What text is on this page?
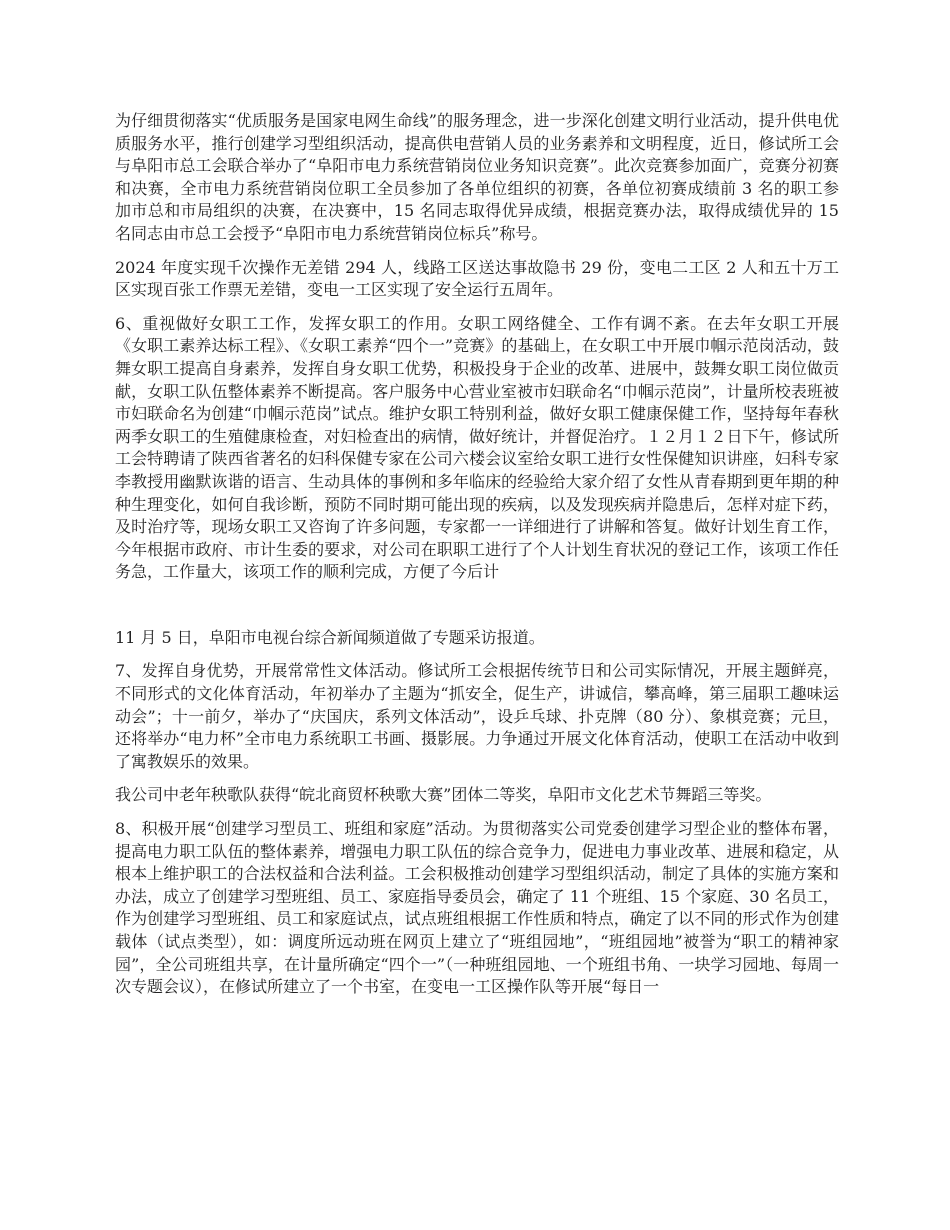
为仔细贯彻落实“优质服务是国家电网生命线”的服务理念，进一步深化创建文明行业活动，提升供电优质服务水平，推行创建学习型组织活动，提高供电营销人员的业务素养和文明程度，近日，修试所工会与阜阳市总工会联合举办了“阜阳市电力系统营销岗位业务知识竞赛”。此次竞赛参加面广，竞赛分初赛和决赛，全市电力系统营销岗位职工全员参加了各单位组织的初赛，各单位初赛成绩前 3 名的职工参加市总和市局组织的决赛，在决赛中，15 名同志取得优异成绩，根据竞赛办法，取得成绩优异的 15 名同志由市总工会授予“阜阳市电力系统营销岗位标兵”称号。

2024 年度实现千次操作无差错 294 人，线路工区送达事故隐书 29 份，变电二工区 2 人和五十万工区实现百张工作票无差错，变电一工区实现了安全运行五周年。

6、重视做好女职工工作，发挥女职工的作用。女职工网络健全、工作有调不紊。在去年女职工开展《女职工素养达标工程》、《女职工素养“四个一”竞赛》的基础上，在女职工中开展巾帼示范岗活动，鼓舞女职工提高自身素养，发挥自身女职工优势，积极投身于企业的改革、进展中，鼓舞女职工岗位做贡献，女职工队伍整体素养不断提高。客户服务中心营业室被市妇联命名“巾帼示范岗”，计量所校表班被市妇联命名为创建“巾帼示范岗”试点。维护女职工特别利益，做好女职工健康保健工作，坚持每年春秋两季女职工的生殖健康检查，对妇检查出的病情，做好统计，并督促治疗。１２月１２日下午，修试所工会特聘请了陕西省著名的妇科保健专家在公司六楼会议室给女职工进行女性保健知识讲座，妇科专家李教授用幽默诙谐的语言、生动具体的事例和多年临床的经验给大家介绍了女性从青春期到更年期的种种生理变化，如何自我诊断，预防不同时期可能出现的疾病，以及发现疾病并隐患后，怎样对症下药，及时治疗等，现场女职工又咨询了许多问题，专家都一一详细进行了讲解和答复。做好计划生育工作，今年根据市政府、市计生委的要求，对公司在职职工进行了个人计划生育状况的登记工作，该项工作任务急，工作量大，该项工作的顺利完成，方便了今后计

11 月 5 日，阜阳市电视台综合新闻频道做了专题采访报道。

7、发挥自身优势，开展常常性文体活动。修试所工会根据传统节日和公司实际情况，开展主题鲜亮，不同形式的文化体育活动，年初举办了主题为“抓安全，促生产，讲诚信，攀高峰，第三届职工趣味运动会”；十一前夕，举办了“庆国庆，系列文体活动”，设乒乓球、扑克牌（80 分）、象棋竞赛；元旦，还将举办“电力杯”全市电力系统职工书画、摄影展。力争通过开展文化体育活动，使职工在活动中收到了寓教娱乐的效果。

我公司中老年秧歌队获得“皖北商贸杯秧歌大赛”团体二等奖，阜阳市文化艺术节舞蹈三等奖。

8、积极开展“创建学习型员工、班组和家庭”活动。为贯彻落实公司党委创建学习型企业的整体布署，提高电力职工队伍的整体素养，增强电力职工队伍的综合竞争力，促进电力事业改革、进展和稳定，从根本上维护职工的合法权益和合法利益。工会积极推动创建学习型组织活动，制定了具体的实施方案和办法，成立了创建学习型班组、员工、家庭指导委员会，确定了 11 个班组、15 个家庭、30 名员工，作为创建学习型班组、员工和家庭试点，试点班组根据工作性质和特点，确定了以不同的形式作为创建载体（试点类型），如：调度所远动班在网页上建立了“班组园地”，“班组园地”被誉为“职工的精神家园”，全公司班组共享，在计量所确定“四个一”（一种班组园地、一个班组书角、一块学习园地、每周一次专题会议），在修试所建立了一个书室，在变电一工区操作队等开展“每日一
